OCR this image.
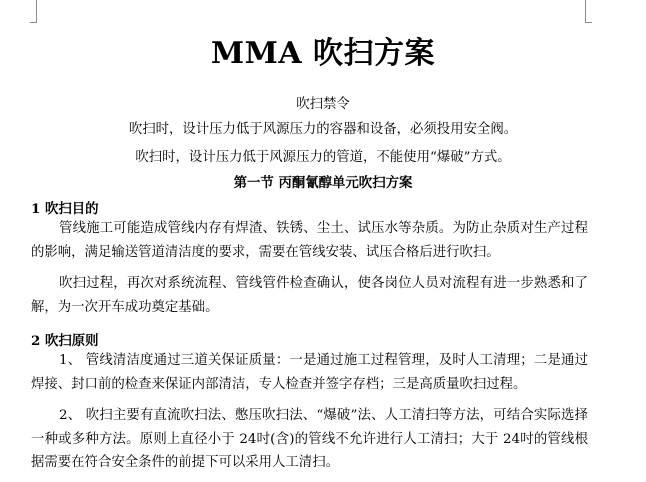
MMA 吹扫方案
吹扫禁令
吹扫时，设计压力低于风源压力的容器和设备，必须投用安全阀。
吹扫时，设计压力低于风源压力的管道，不能使用“爆破”方式。
第一节 丙酮氰醇单元吹扫方案
1 吹扫目的
管线施工可能造成管线内存有焊渣、铁锈、尘土、试压水等杂质。为防止杂质对生产过程的影响，满足输送管道清洁度的要求，需要在管线安装、试压合格后进行吹扫。
吹扫过程，再次对系统流程、管线管件检查确认，使各岗位人员对流程有进一步熟悉和了解，为一次开车成功奠定基础。
2 吹扫原则
1、 管线清洁度通过三道关保证质量：一是通过施工过程管理，及时人工清理；二是通过焊接、封口前的检查来保证内部清洁，专人检查并签字存档；三是高质量吹扫过程。
2、 吹扫主要有直流吹扫法、憋压吹扫法、“爆破”法、人工清扫等方法，可结合实际选择一种或多种方法。原则上直径小于 24吋(含)的管线不允许进行人工清扫；大于 24吋的管线根据需要在符合安全条件的前提下可以采用人工清扫。
